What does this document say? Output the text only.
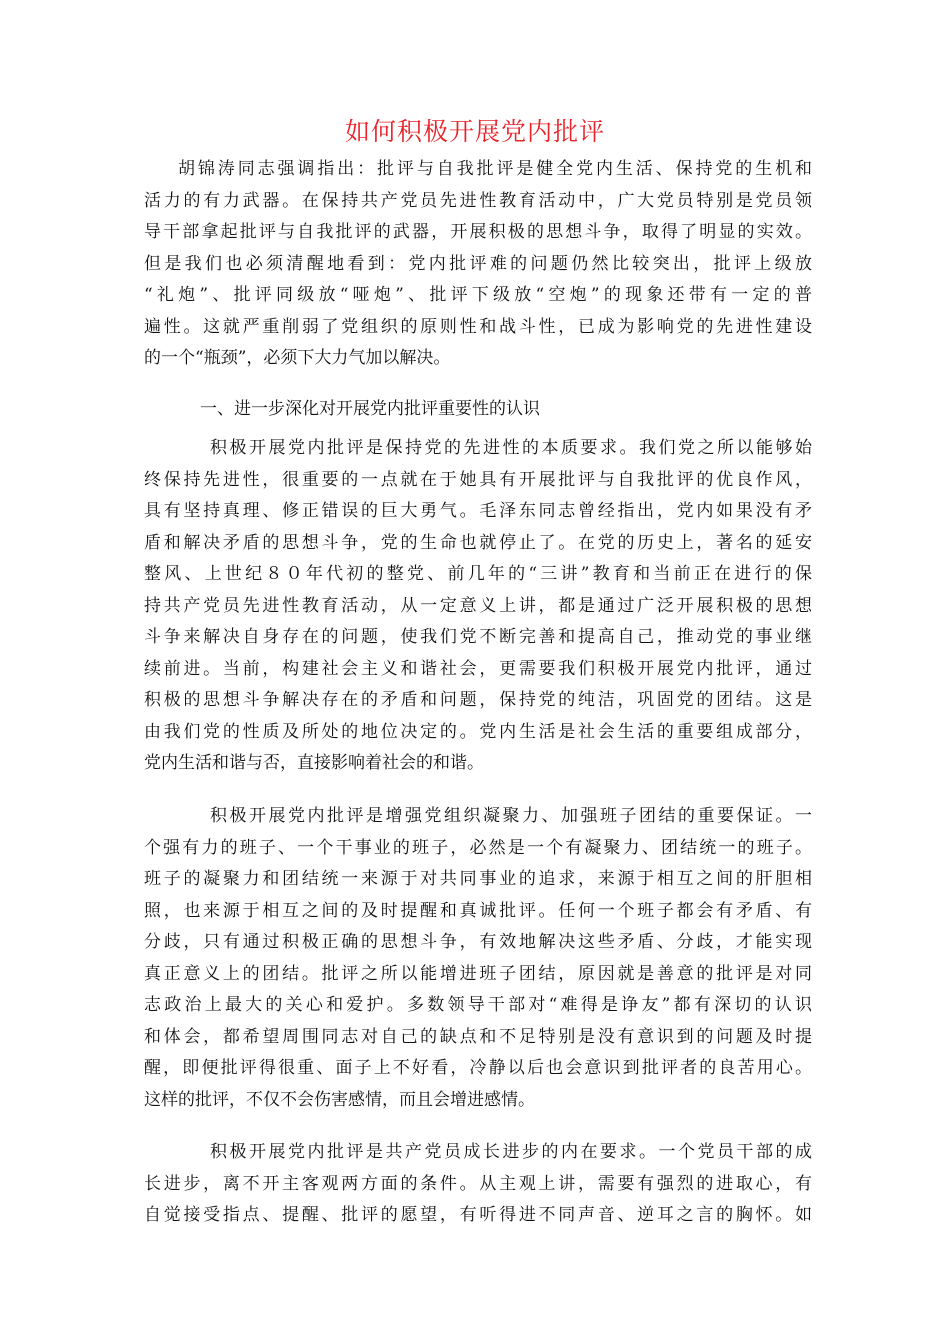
如何积极开展党内批评
胡锦涛同志强调指出：批评与自我批评是健全党内生活、保持党的生机和
活力的有力武器。在保持共产党员先进性教育活动中，广大党员特别是党员领
导干部拿起批评与自我批评的武器，开展积极的思想斗争，取得了明显的实效。
但是我们也必须清醒地看到：党内批评难的问题仍然比较突出，批评上级放
“礼炮”、批评同级放“哑炮”、批评下级放“空炮”的现象还带有一定的普
遍性。这就严重削弱了党组织的原则性和战斗性，已成为影响党的先进性建设
的一个“瓶颈”，必须下大力气加以解决。
一、进一步深化对开展党内批评重要性的认识
积极开展党内批评是保持党的先进性的本质要求。我们党之所以能够始
终保持先进性，很重要的一点就在于她具有开展批评与自我批评的优良作风，
具有坚持真理、修正错误的巨大勇气。毛泽东同志曾经指出，党内如果没有矛
盾和解决矛盾的思想斗争，党的生命也就停止了。在党的历史上，著名的延安
整风、上世纪８０年代初的整党、前几年的“三讲”教育和当前正在进行的保
持共产党员先进性教育活动，从一定意义上讲，都是通过广泛开展积极的思想
斗争来解决自身存在的问题，使我们党不断完善和提高自己，推动党的事业继
续前进。当前，构建社会主义和谐社会，更需要我们积极开展党内批评，通过
积极的思想斗争解决存在的矛盾和问题，保持党的纯洁，巩固党的团结。这是
由我们党的性质及所处的地位决定的。党内生活是社会生活的重要组成部分，
党内生活和谐与否，直接影响着社会的和谐。
积极开展党内批评是增强党组织凝聚力、加强班子团结的重要保证。一
个强有力的班子、一个干事业的班子，必然是一个有凝聚力、团结统一的班子。
班子的凝聚力和团结统一来源于对共同事业的追求，来源于相互之间的肝胆相
照，也来源于相互之间的及时提醒和真诚批评。任何一个班子都会有矛盾、有
分歧，只有通过积极正确的思想斗争，有效地解决这些矛盾、分歧，才能实现
真正意义上的团结。批评之所以能增进班子团结，原因就是善意的批评是对同
志政治上最大的关心和爱护。多数领导干部对“难得是诤友”都有深切的认识
和体会，都希望周围同志对自己的缺点和不足特别是没有意识到的问题及时提
醒，即便批评得很重、面子上不好看，冷静以后也会意识到批评者的良苦用心。
这样的批评，不仅不会伤害感情，而且会增进感情。
积极开展党内批评是共产党员成长进步的内在要求。一个党员干部的成
长进步，离不开主客观两方面的条件。从主观上讲，需要有强烈的进取心，有
自觉接受指点、提醒、批评的愿望，有听得进不同声音、逆耳之言的胸怀。如
